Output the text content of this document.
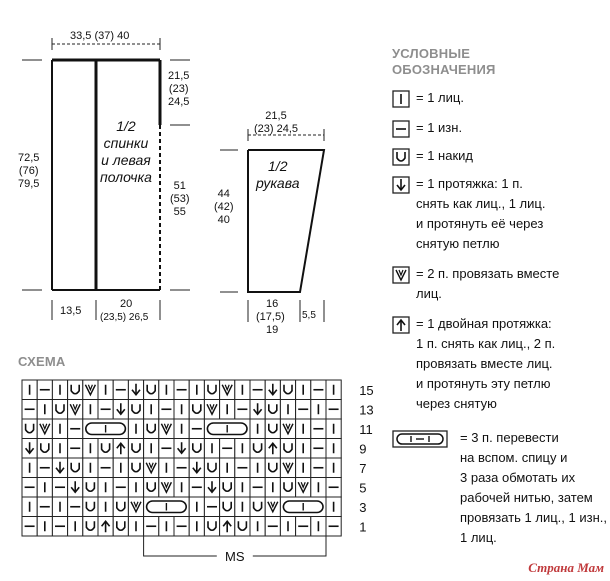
33,5 (37) 40
21,5
(23)
24,5
72,5
(76)
79,5	51
(53)
55
1/2
спинки
и левая
полочка
13,5
20
(23,5) 26,5
21,5
(23) 24,5
44
(42)
40
1/2
рукава
16
(17,5)
19
5,5
СХЕМА
15
13
11
9
7
5
3
1
MS
УСЛОВНЫЕ
ОБОЗНАЧЕНИЯ
= 1 лиц.
= 1 изн.
= 1 накид
= 1 протяжка: 1 п.
снять как лиц., 1 лиц.
и протянуть её через
снятую петлю
= 2 п. провязать вместе
лиц.
= 1 двойная протяжка:
1 п. снять как лиц., 2 п.
провязать вместе лиц.
и протянуть эту петлю
через снятую
= 3 п. перевести
на вспом. спицу и
3 раза обмотать их
рабочей нитью, затем
провязать 1 лиц., 1 изн.,
1 лиц.
Страна Мам
